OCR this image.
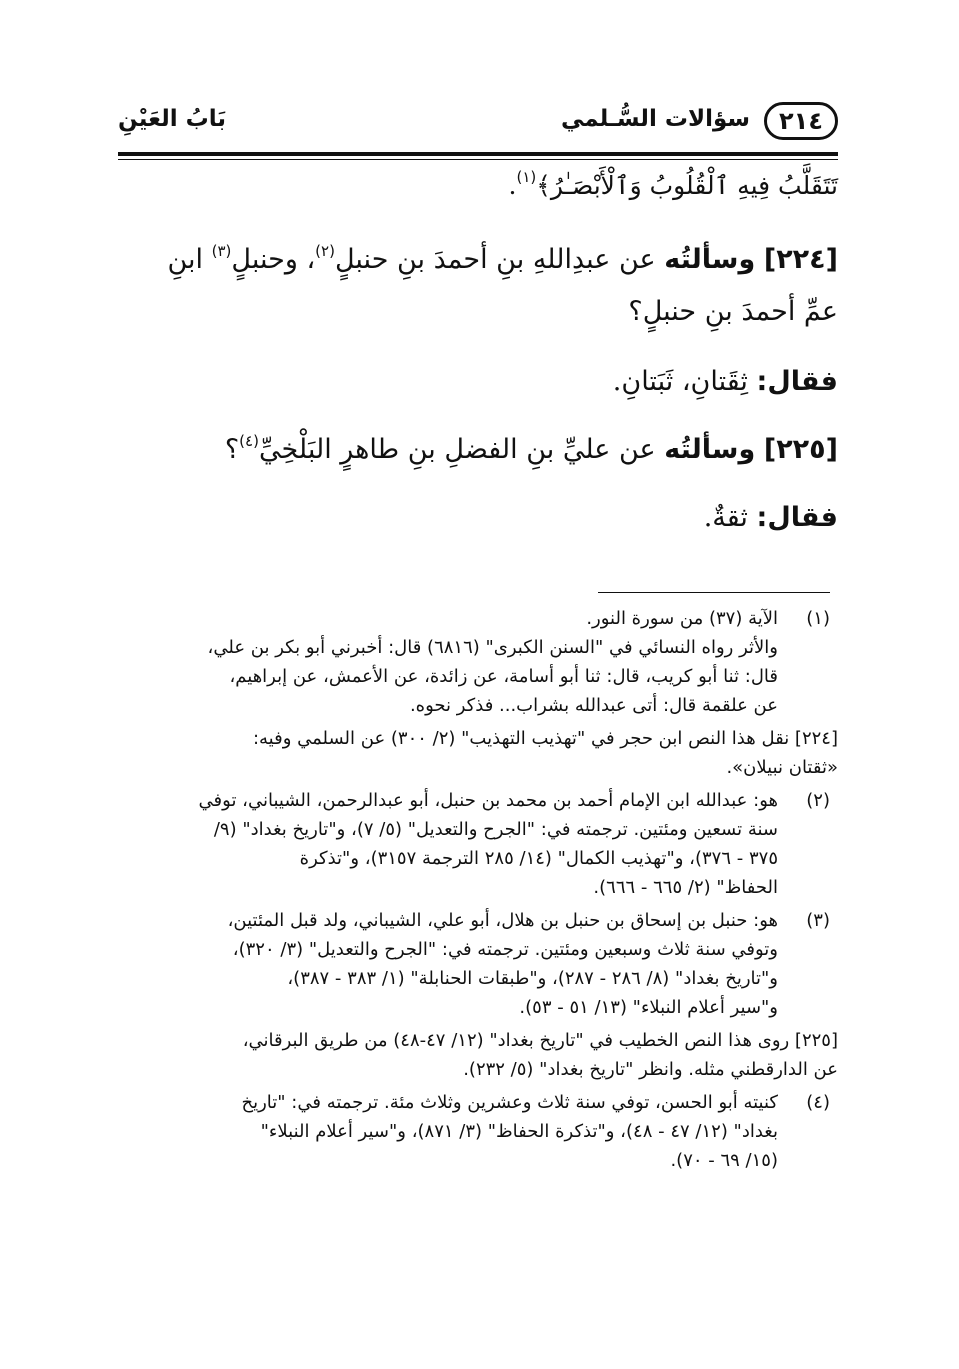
٢١٤
سؤالات السُّـلمي
بَابُ العَيْنِ
تَتَقَلَّبُ فِيهِ ٱلْقُلُوبُ وَٱلْأَبْصَـٰرُ﴾$^{(١)}$.
[٢٢٤] وسألتُه عن عبدِاللهِ بنِ أحمدَ بنِ حنبلٍ$^{(٢)}$، وحنبلٍ$^{(٣)}$ ابنِ
عمِّ أحمدَ بنِ حنبلٍ؟
فقال: ثِقَتانِ، ثَبَتانِ.
[٢٢٥] وسألتُه عن عليِّ بنِ الفضلِ بنِ طاهرٍ البَلْخِيِّ$^{(٤)}$؟
فقال: ثقةٌ.
(١)
الآية (٣٧) من سورة النور.
والأثر رواه النسائي في "السنن الكبرى" (٦٨١٦) قال: أخبرني أبو بكر بن علي،
قال: ثنا أبو كريب، قال: ثنا أبو أسامة، عن زائدة، عن الأعمش، عن إبراهيم،
عن علقمة قال: أتى عبدالله بشراب... فذكر نحوه.
[٢٢٤] نقل هذا النص ابن حجر في "تهذيب التهذيب" (٢/ ٣٠٠) عن السلمي وفيه:
«ثقتان نبيلان».
(٢)
هو: عبدالله ابن الإمام أحمد بن محمد بن حنبل، أبو عبدالرحمن، الشيباني، توفي
سنة تسعين ومئتين. ترجمته في: "الجرح والتعديل" (٥/ ٧)، و"تاريخ بغداد" (٩/
٣٧٥ - ٣٧٦)، و"تهذيب الكمال" (١٤/ ٢٨٥ الترجمة ٣١٥٧)، و"تذكرة
الحفاظ" (٢/ ٦٦٥ - ٦٦٦).
(٣)
هو: حنبل بن إسحاق بن حنبل بن هلال، أبو علي، الشيباني، ولد قبل المئتين،
وتوفي سنة ثلاث وسبعين ومئتين. ترجمته في: "الجرح والتعديل" (٣/ ٣٢٠)،
و"تاريخ بغداد" (٨/ ٢٨٦ - ٢٨٧)، و"طبقات الحنابلة" (١/ ٣٨٣ - ٣٨٧)،
و"سير أعلام النبلاء" (١٣/ ٥١ - ٥٣).
[٢٢٥] روى هذا النص الخطيب في "تاريخ بغداد" (١٢/ ٤٧-٤٨) من طريق البرقاني،
عن الدارقطني مثله. وانظر "تاريخ بغداد" (٥/ ٢٣٢).
(٤)
كنيته أبو الحسن، توفي سنة ثلاث وعشرين وثلاث مئة. ترجمته في: "تاريخ
بغداد" (١٢/ ٤٧ - ٤٨)، و"تذكرة الحفاظ" (٣/ ٨٧١)، و"سير أعلام النبلاء"
(١٥/ ٦٩ - ٧٠).
